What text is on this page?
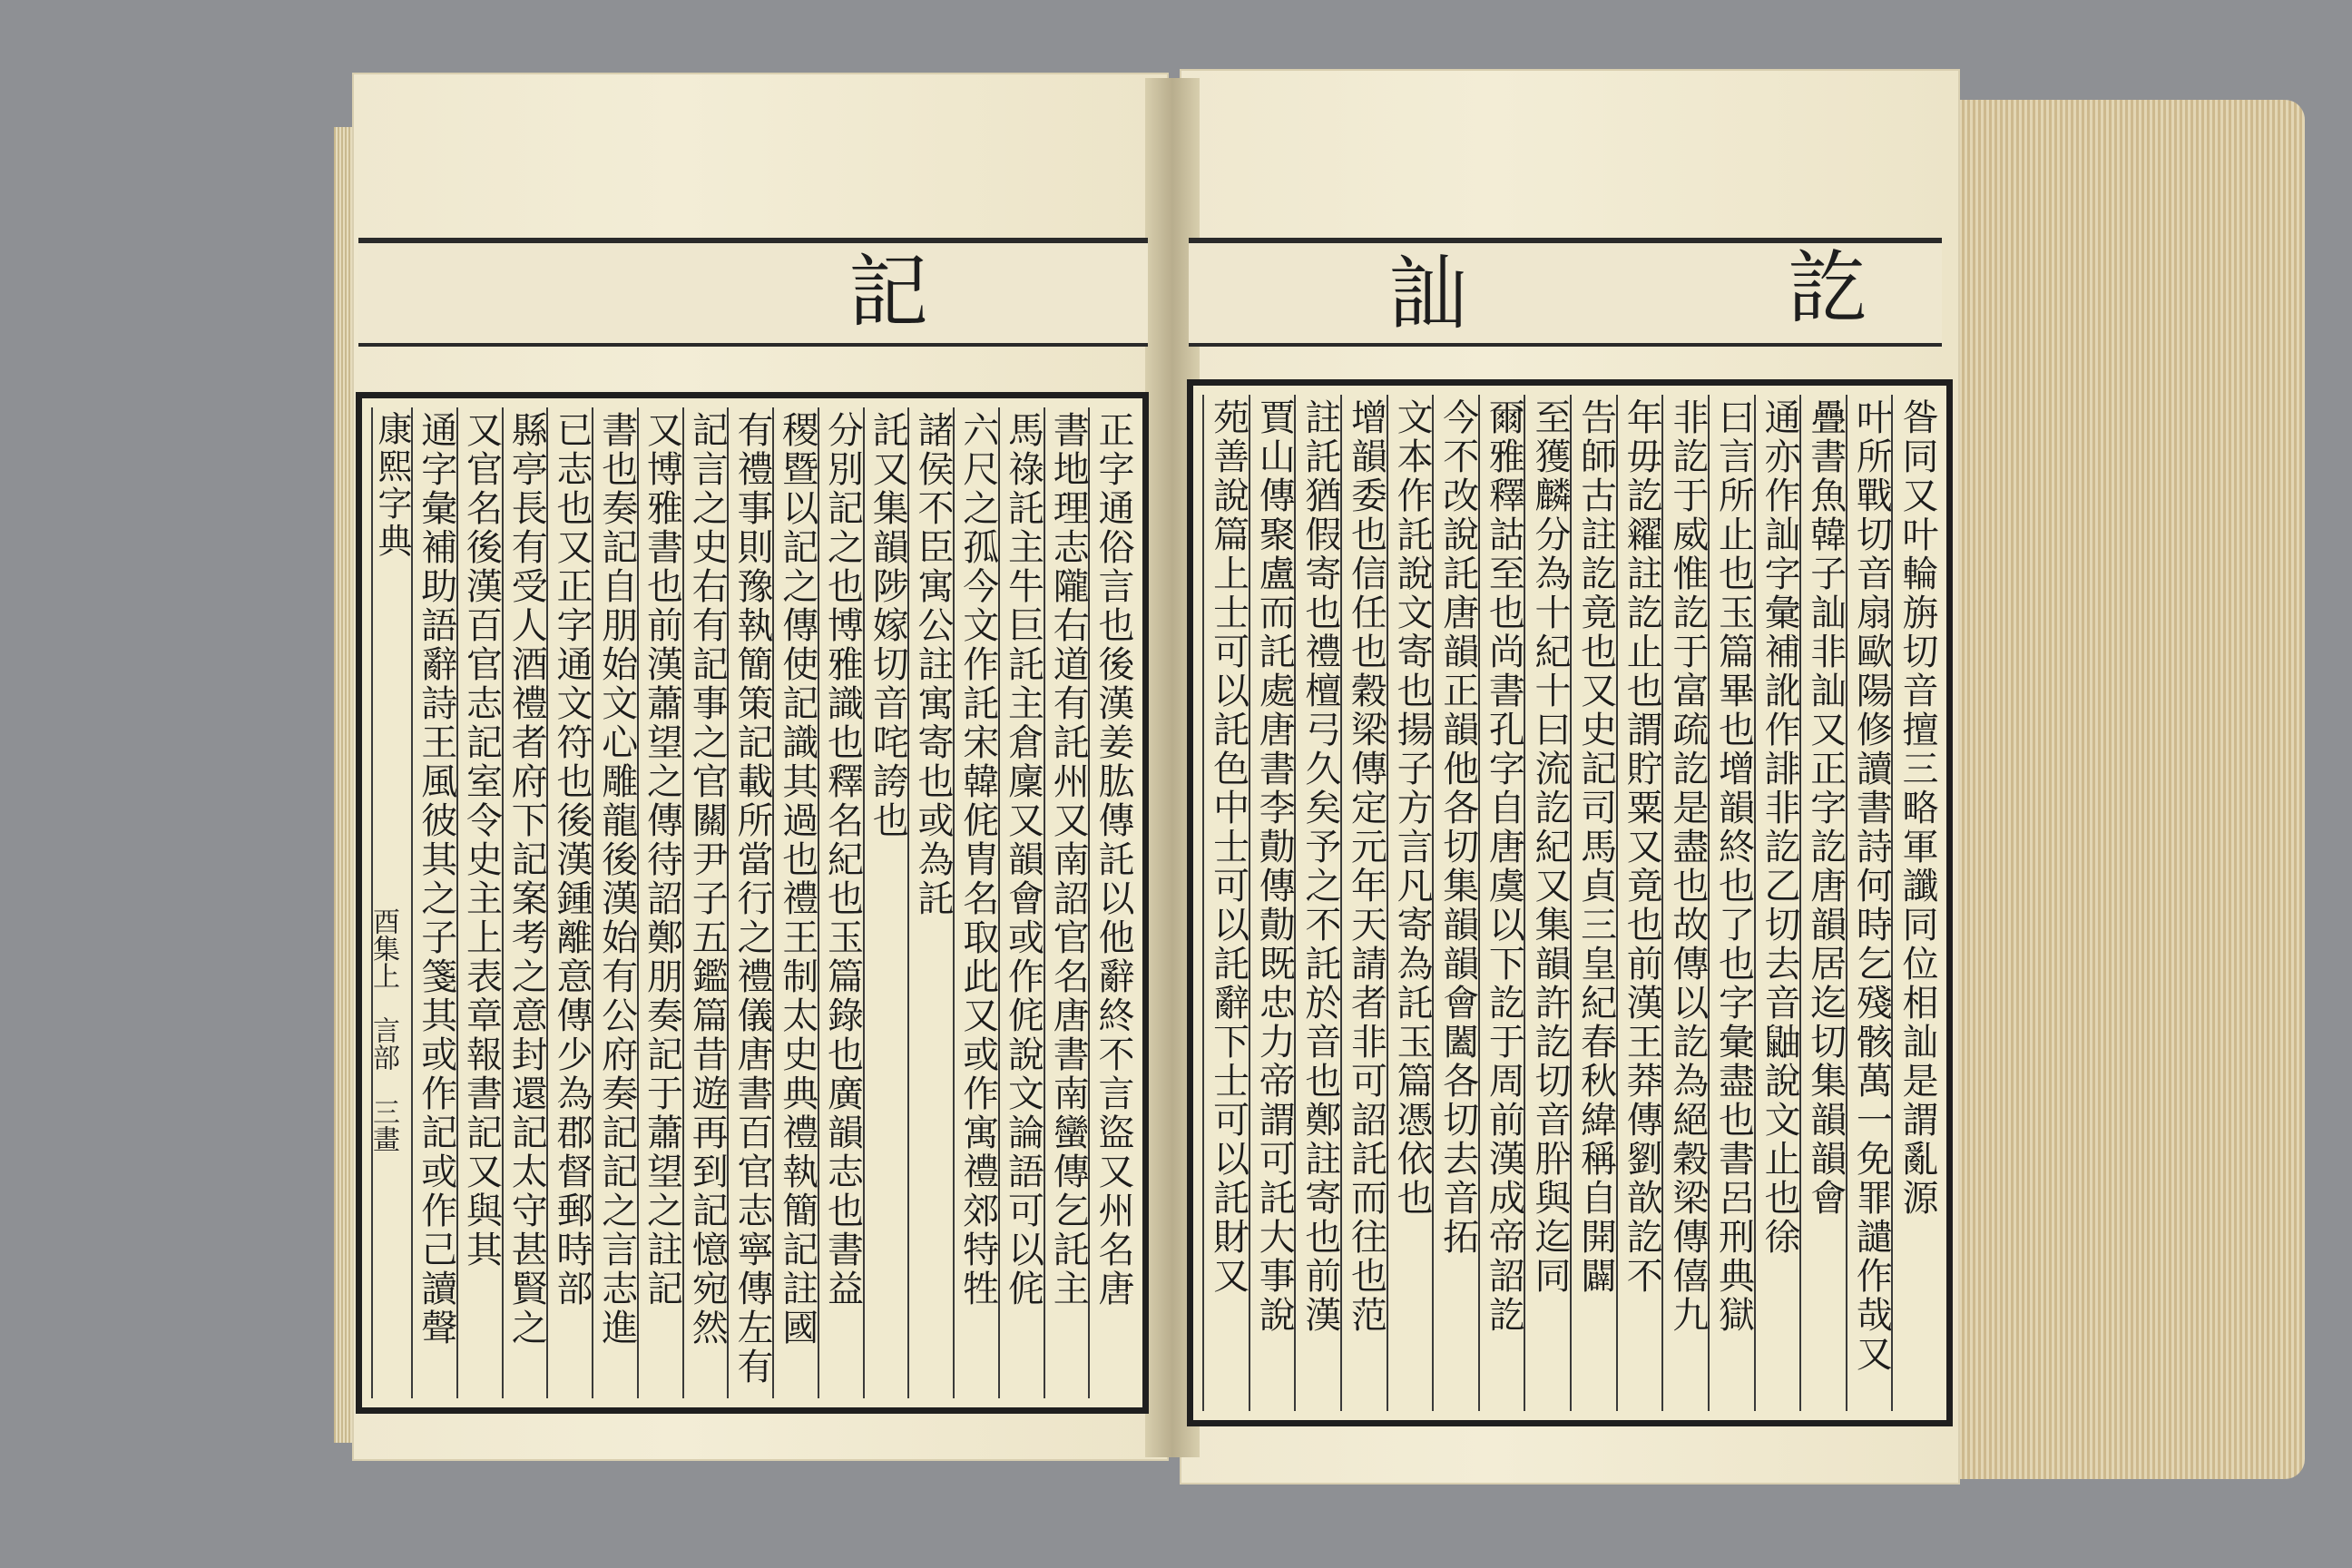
記	訖
訕
正字通俗言也後漢姜肱傳託以他辭終不言盜又州名唐
書地理志隴右道有託州又南詔官名唐書南蠻傳乞託主
馬祿託主牛巨託主倉廩又韻會或作侂說文論語可以侂
六尺之孤今文作託宋韓侂胄名取此又或作寓禮郊特牲
諸侯不臣寓公註寓寄也或為託
託又集韻陟嫁切音咤誇也
分別記之也博雅識也釋名紀也玉篇錄也廣韻志也書益
稷暨以記之傳使記識其過也禮王制太史典禮執簡記註國
有禮事則豫執簡策記載所當行之禮儀唐書百官志寧傳左有
記言之史右有記事之官關尹子五鑑篇昔遊再到記憶宛然
又博雅書也前漢蕭望之傳待詔鄭朋奏記于蕭望之註記
書也奏記自朋始文心雕龍後漢始有公府奏記記之言志進
已志也又正字通文符也後漢鍾離意傳少為郡督郵時部
縣亭長有受人酒禮者府下記案考之意封還記太守甚賢之
又官名後漢百官志記室令史主上表章報書記又與其
通字彙補助語辭詩王風彼其之子箋其或作記或作己讀聲
康熙字典	昝同又叶輪旃切音擅三略軍讖同位相訕是謂亂源
叶所戰切音扇歐陽修讀書詩何時乞殘骸萬一免罪譴作哉又
疊書魚韓子訕非訕又正字訖唐韻居迄切集韻韻會
通亦作訕字彙補訛作誹非訖乙切去音鼬說文止也徐
曰言所止也玉篇畢也增韻終也了也字彙盡也書呂刑典獄
非訖于威惟訖于富疏訖是盡也故傳以訖為絕穀梁傳僖九
年毋訖糴註訖止也謂貯粟又竟也前漢王莽傳劉歆訖不
告師古註訖竟也又史記司馬貞三皇紀春秋緯稱自開闢
至獲麟分為十紀十曰流訖紀又集韻許訖切音肸與迄同
爾雅釋詁至也尚書孔字自唐虞以下訖于周前漢成帝詔訖
今不改說託唐韻正韻他各切集韻韻會闔各切去音拓
文本作託說文寄也揚子方言凡寄為託玉篇憑依也
增韻委也信任也穀梁傳定元年天請者非可詔託而往也范
註託猶假寄也禮檀弓久矣予之不託於音也鄭註寄也前漢
賈山傳聚盧而託處唐書李勣傳勣既忠力帝謂可託大事說
苑善說篇上士可以託色中士可以託辭下士可以託財又
酉集上　言部　三畫
